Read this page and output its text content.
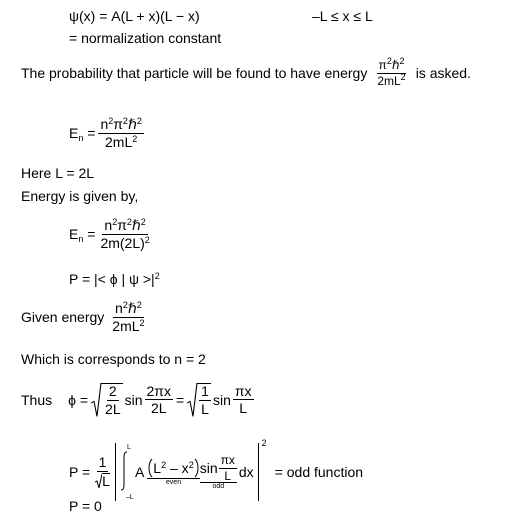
ψ(x) = A(L + x)(L − x)	–L ≤ x ≤ L
= normalization constant
The probability that particle will be found to have energy $\frac{\pi^2\hbar^2}{2mL^2}$ is asked.
$E_n = \frac{n^2\pi^2\hbar^2}{2mL^2}$
Here L = 2L
Energy is given by,
$E_n = \frac{n^2\pi^2\hbar^2}{2m(2L)^2}$
P = |< ϕ | $\psi >|^2$
Given energy $\frac{n^2\hbar^2}{2mL^2}$
Which is corresponds to n = 2
Thus $\phi = \frac{2}{2L}$ $\sin \frac{2\pi x}{2L} = \frac{1}{L}$ $\sin \frac{\pi x}{L}$
$P = \frac{1}{L}$
L
–L
A $L^2 - x^2$
even
$\sin \frac{\pi x}{L}$
odd
dx
2
= odd function
P = 0
